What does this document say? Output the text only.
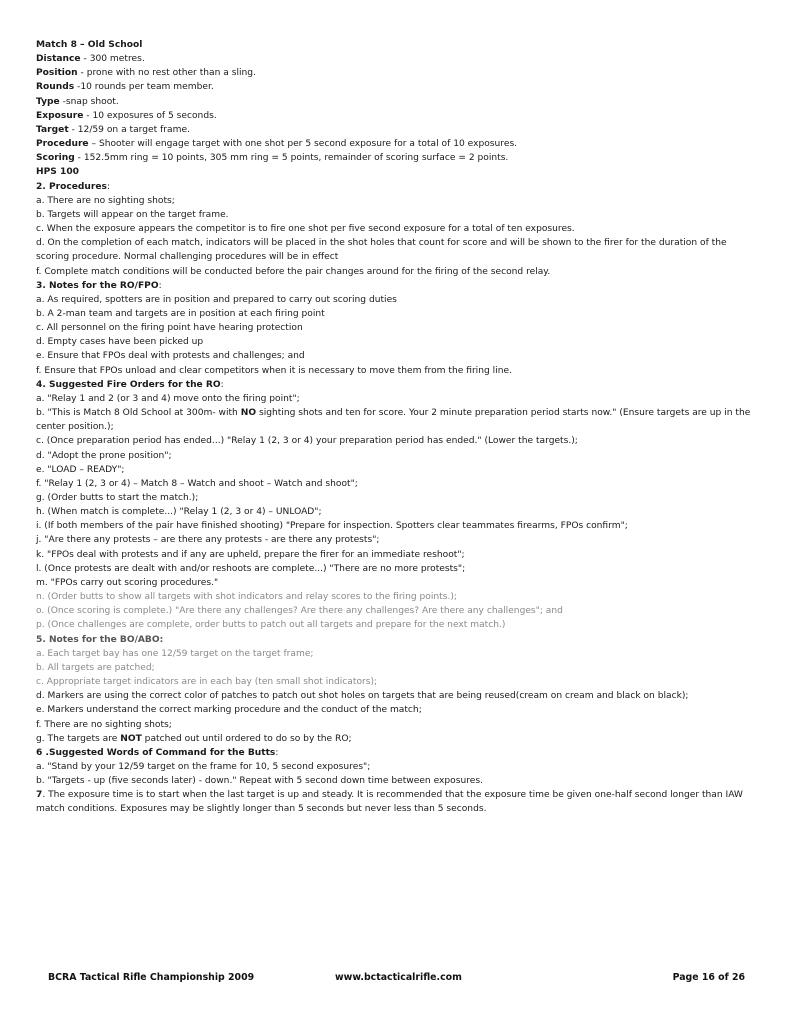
Match 8 – Old School
Distance - 300 metres.
Position - prone with no rest other than a sling.
Rounds -10 rounds per team member.
Type -snap shoot.
Exposure - 10 exposures of 5 seconds.
Target - 12/59 on a target frame.
Procedure – Shooter will engage target with one shot per 5 second exposure for a total of 10 exposures.
Scoring - 152.5mm ring = 10 points, 305 mm ring = 5 points, remainder of scoring surface = 2 points.
HPS 100
2. Procedures:
a. There are no sighting shots;
b. Targets will appear on the target frame.
c. When the exposure appears the competitor is to fire one shot per five second exposure for a total of ten exposures.
d. On the completion of each match, indicators will be placed in the shot holes that count for score and will be shown to the firer for the duration of the scoring procedure. Normal challenging procedures will be in effect
f. Complete match conditions will be conducted before the pair changes around for the firing of the second relay.
3. Notes for the RO/FPO:
a. As required, spotters are in position and prepared to carry out scoring duties
b. A 2-man team and targets are in position at each firing point
c. All personnel on the firing point have hearing protection
d. Empty cases have been picked up
e. Ensure that FPOs deal with protests and challenges; and
f. Ensure that FPOs unload and clear competitors when it is necessary to move them from the firing line.
4. Suggested Fire Orders for the RO:
a. "Relay 1 and 2 (or 3 and 4) move onto the firing point";
b. "This is Match 8 Old School at 300m- with NO sighting shots and ten for score. Your 2 minute preparation period starts now." (Ensure targets are up in the center position.);
c. (Once preparation period has ended...) "Relay 1 (2, 3 or 4) your preparation period has ended." (Lower the targets.);
d. "Adopt the prone position";
e. "LOAD – READY";
f. "Relay 1 (2, 3 or 4) – Match 8 – Watch and shoot – Watch and shoot";
g. (Order butts to start the match.);
h. (When match is complete...) "Relay 1 (2, 3 or 4) – UNLOAD";
i. (If both members of the pair have finished shooting) "Prepare for inspection. Spotters clear teammates firearms, FPOs confirm";
j. "Are there any protests – are there any protests - are there any protests";
k. "FPOs deal with protests and if any are upheld, prepare the firer for an immediate reshoot";
l. (Once protests are dealt with and/or reshoots are complete...) "There are no more protests";
m. "FPOs carry out scoring procedures."
n. (Order butts to show all targets with shot indicators and relay scores to the firing points.);
o. (Once scoring is complete.) "Are there any challenges? Are there any challenges? Are there any challenges"; and
p. (Once challenges are complete, order butts to patch out all targets and prepare for the next match.)
5. Notes for the BO/ABO:
a. Each target bay has one 12/59 target on the target frame;
b. All targets are patched;
c. Appropriate target indicators are in each bay (ten small shot indicators);
d. Markers are using the correct color of patches to patch out shot holes on targets that are being reused(cream on cream and black on black);
e. Markers understand the correct marking procedure and the conduct of the match;
f. There are no sighting shots;
g. The targets are NOT patched out until ordered to do so by the RO;
6 .Suggested Words of Command for the Butts:
a. "Stand by your 12/59 target on the frame for 10, 5 second exposures";
b. "Targets - up (five seconds later) - down." Repeat with 5 second down time between exposures.
7. The exposure time is to start when the last target is up and steady. It is recommended that the exposure time be given one-half second longer than IAW match conditions. Exposures may be slightly longer than 5 seconds but never less than 5 seconds.
BCRA Tactical Rifle Championship 2009	www.bctacticalrifle.com	Page 16 of 26
